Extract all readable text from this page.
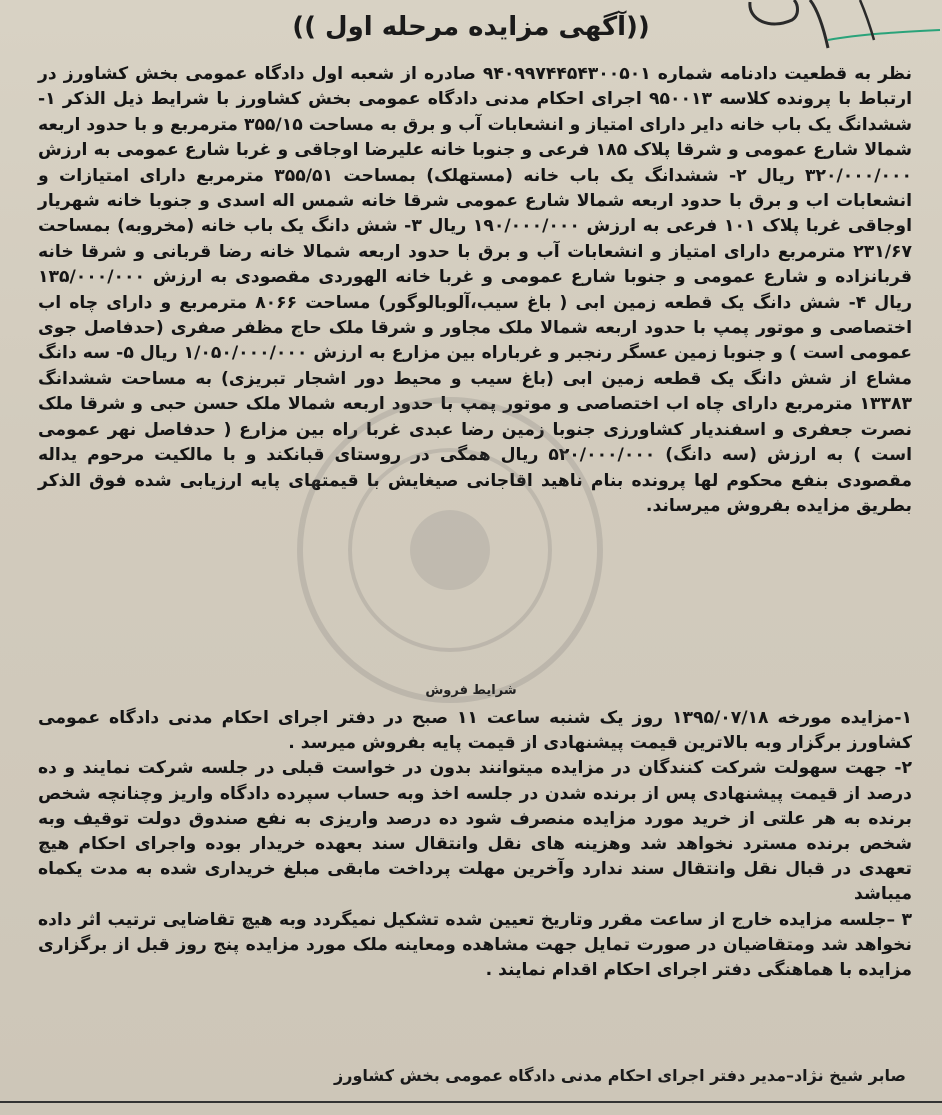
((آگهی مزایده مرحله اول ))
نظر به قطعیت دادنامه شماره ۹۴۰۹۹۷۴۴۵۴۳۰۰۵۰۱ صادره از شعبه اول دادگاه عمومی بخش کشاورز در ارتباط با پرونده کلاسه ۹۵۰۰۱۳ اجرای احکام مدنی دادگاه عمومی بخش کشاورز با شرایط ذیل الذکر ۱-ششدانگ یک باب خانه دایر دارای امتیاز و انشعابات آب و برق به مساحت ۳۵۵/۱۵ مترمربع و با حدود اربعه شمالا شارع عمومی و شرقا پلاک ۱۸۵ فرعی و جنوبا خانه علیرضا اوجاقی و غربا شارع عمومی به ارزش ۳۲۰/۰۰۰/۰۰۰ ریال ۲- ششدانگ یک باب خانه (مستهلک) بمساحت ۳۵۵/۵۱ مترمربع دارای امتیازات و انشعابات اب و برق با حدود اربعه شمالا شارع عمومی شرقا خانه شمس اله اسدی و جنوبا خانه شهریار اوجاقی غربا پلاک ۱۰۱ فرعی به ارزش ۱۹۰/۰۰۰/۰۰۰ ریال ۳- شش دانگ یک باب خانه (مخروبه) بمساحت ۲۳۱/۶۷ مترمربع دارای امتیاز و انشعابات آب و برق با حدود اربعه شمالا خانه رضا قربانی و شرقا خانه قربانزاده و شارع عمومی و جنوبا شارع عمومی و غربا خانه الهوردی مقصودی به ارزش ۱۳۵/۰۰۰/۰۰۰ ریال ۴- شش دانگ یک قطعه زمین ابی ( باغ سیب،آلوبالوگور) مساحت ۸۰۶۶ مترمربع و دارای چاه اب اختصاصی و موتور پمپ با حدود اربعه شمالا ملک مجاور و شرقا ملک حاج مظفر صفری (حدفاصل جوی عمومی است ) و جنوبا زمین عسگر رنجبر و غرباراه بین مزارع به ارزش ۱/۰۵۰/۰۰۰/۰۰۰ ریال ۵- سه دانگ مشاع از شش دانگ یک قطعه زمین ابی (باغ سیب و محیط دور اشجار تبریزی) به مساحت ششدانگ ۱۳۳۸۳ مترمربع دارای چاه اب اختصاصی و موتور پمپ با حدود اربعه شمالا ملک حسن حبی و شرقا ملک نصرت جعفری و اسفندیار کشاورزی جنوبا زمین رضا عبدی غربا راه بین مزارع ( حدفاصل نهر عمومی است ) به ارزش (سه دانگ) ۵۲۰/۰۰۰/۰۰۰ ریال همگی در روستای قبانکند و با مالکیت مرحوم یداله مقصودی بنفع محکوم لها پرونده بنام ناهید اقاجانی صیغایش با قیمتهای پایه ارزیابی شده فوق الذکر بطریق مزایده بفروش میرساند.
شرایط فروش

۱-مزایده مورخه ۱۳۹۵/۰۷/۱۸ روز یک شنبه ساعت ۱۱ صبح در دفتر اجرای احکام مدنی دادگاه عمومی کشاورز برگزار وبه بالاترین قیمت پیشنهادی از قیمت پایه بفروش میرسد .

۲- جهت سهولت شرکت کنندگان در مزایده میتوانند بدون در خواست قبلی در جلسه شرکت نمایند و ده درصد از قیمت پیشنهادی پس از برنده شدن در جلسه اخذ وبه حساب سپرده دادگاه واریز وچنانچه شخص برنده به هر علتی از خرید مورد مزایده منصرف شود ده درصد واریزی به نفع صندوق دولت توقیف وبه شخص برنده مسترد نخواهد شد وهزینه های نقل وانتقال سند بعهده خریدار بوده واجرای احکام هیچ تعهدی در قبال نقل وانتقال سند ندارد وآخرین مهلت پرداخت مابقی مبلغ خریداری شده به مدت یکماه میباشد

۳ –جلسه مزایده خارج از ساعت مقرر وتاریخ تعیین شده تشکیل نمیگردد وبه هیچ تقاضایی ترتیب اثر داده نخواهد شد ومتقاضیان در صورت تمایل جهت مشاهده ومعاینه ملک مورد مزایده پنج روز قبل از برگزاری مزایده با هماهنگی دفتر اجرای احکام اقدام نمایند .

صابر شیخ نژاد–مدیر دفتر اجرای احکام مدنی دادگاه عمومی بخش کشاورز
